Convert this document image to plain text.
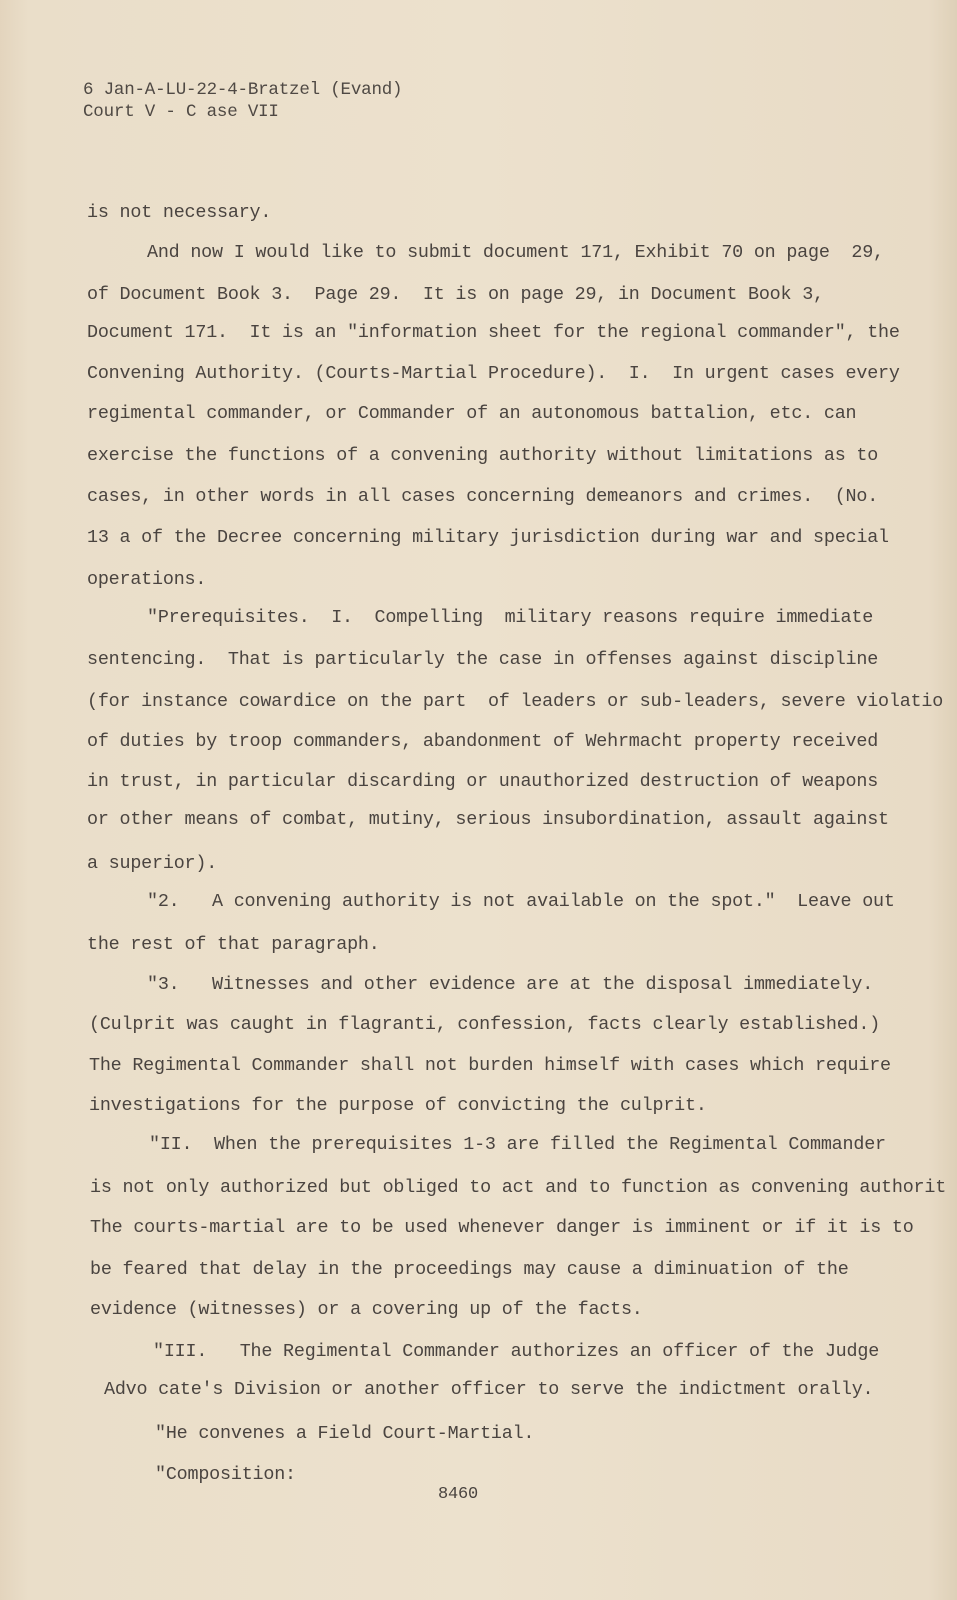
6 Jan-A-LU-22-4-Bratzel (Evand)
Court V - C ase VII
is not necessary.
And now I would like to submit document 171, Exhibit 70 on page  29,
of Document Book 3.  Page 29.  It is on page 29, in Document Book 3,
Document 171.  It is an "information sheet for the regional commander", the
Convening Authority. (Courts-Martial Procedure).  I.  In urgent cases every
regimental commander, or Commander of an autonomous battalion, etc. can
exercise the functions of a convening authority without limitations as to
cases, in other words in all cases concerning demeanors and crimes.  (No.
13 a of the Decree concerning military jurisdiction during war and special
operations.
"Prerequisites.  I.  Compelling  military reasons require immediate
sentencing.  That is particularly the case in offenses against discipline
(for instance cowardice on the part  of leaders or sub-leaders, severe violatio
of duties by troop commanders, abandonment of Wehrmacht property received
in trust, in particular discarding or unauthorized destruction of weapons
or other means of combat, mutiny, serious insubordination, assault against
a superior).
"2.   A convening authority is not available on the spot."  Leave out
the rest of that paragraph.
"3.   Witnesses and other evidence are at the disposal immediately.
(Culprit was caught in flagranti, confession, facts clearly established.)
The Regimental Commander shall not burden himself with cases which require
investigations for the purpose of convicting the culprit.
"II.  When the prerequisites 1-3 are filled the Regimental Commander
is not only authorized but obliged to act and to function as convening authorit
The courts-martial are to be used whenever danger is imminent or if it is to
be feared that delay in the proceedings may cause a diminuation of the
evidence (witnesses) or a covering up of the facts.
"III.   The Regimental Commander authorizes an officer of the Judge
Advo cate's Division or another officer to serve the indictment orally.
"He convenes a Field Court-Martial.
"Composition:
8460
